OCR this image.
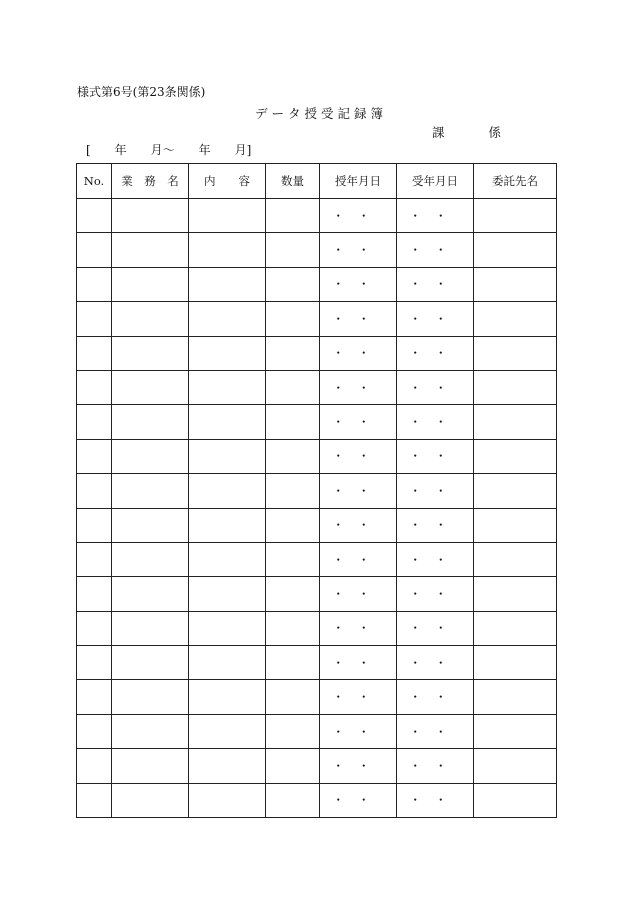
様式第6号(第23条関係)
データ授受記録簿
課	係
[　　年　　月〜　　年　　月]
No.	業　務　名	内　　容	数量	授年月日	受年月日	委託先名
				・・	・・	
				・・	・・	
				・・	・・	
				・・	・・	
				・・	・・	
				・・	・・	
				・・	・・	
				・・	・・	
				・・	・・	
				・・	・・	
				・・	・・	
				・・	・・	
				・・	・・	
				・・	・・	
				・・	・・	
				・・	・・	
				・・	・・	
				・・	・・	
